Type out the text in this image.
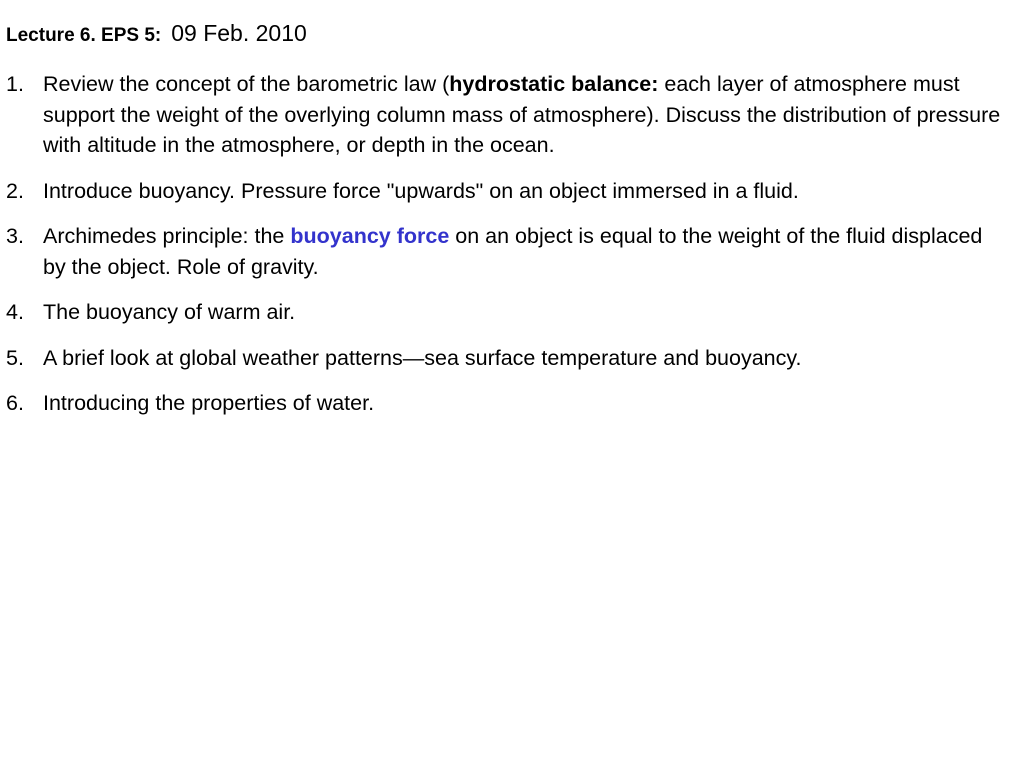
Lecture 6. EPS 5: 09 Feb. 2010
1. Review the concept of the barometric law (hydrostatic balance: each layer of atmosphere must support the weight of the overlying column mass of atmosphere). Discuss the distribution of pressure with altitude in the atmosphere, or depth in the ocean.
2. Introduce buoyancy. Pressure force "upwards" on an object immersed in a fluid.
3. Archimedes principle: the buoyancy force on an object is equal to the weight of the fluid displaced by the object. Role of gravity.
4. The buoyancy of warm air.
5. A brief look at global weather patterns—sea surface temperature and buoyancy.
6. Introducing the properties of water.
